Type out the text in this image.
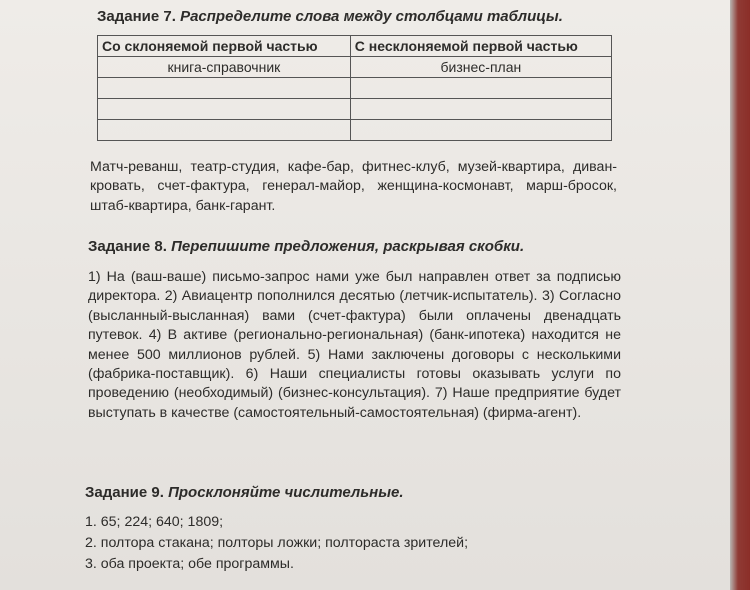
Задание 7. Распределите слова между столбцами таблицы.
Со склоняемой первой частью	С несклоняемой первой частью
книга-справочник	бизнес-план

Матч-реванш, театр-студия, кафе-бар, фитнес-клуб, музей-квартира, диван-кровать, счет-фактура, генерал-майор, женщина-космонавт, марш-бросок, штаб-квартира, банк-гарант.
Задание 8. Перепишите предложения, раскрывая скобки.
1) На (ваш-ваше) письмо-запрос нами уже был направлен ответ за подписью директора. 2) Авиацентр пополнился десятью (летчик-испытатель). 3) Согласно (высланный-высланная) вами (счет-фактура) были оплачены двенадцать путевок. 4) В активе (регионально-региональная) (банк-ипотека) находится не менее 500 миллионов рублей. 5) Нами заключены договоры с несколькими (фабрика-поставщик). 6) Наши специалисты готовы оказывать услуги по проведению (необходимый) (бизнес-консультация). 7) Наше предприятие будет выступать в качестве (самостоятельный-самостоятельная) (фирма-агент).
Задание 9. Просклоняйте числительные.
1. 65; 224; 640; 1809;
2. полтора стакана; полторы ложки; полтораста зрителей;
3. оба проекта; обе программы.
